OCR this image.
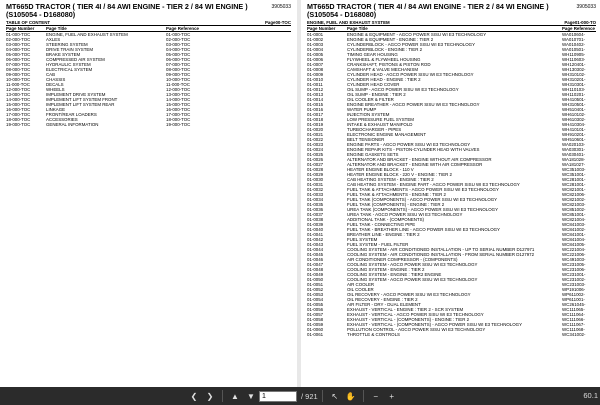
MT665D TRACTOR ( TIER 4I / 84 AWI ENGINE - TIER 2 / 84 WI ENGINE ) (S105054 - D168080)
3905033
TABLE OF CONTENT	Page00-TOC
Page Number	Page Title	Page Reference
01-000-TOC	ENGINE, FUEL AND EXHAUST SYSTEM	01-000-TOC
02-000-TOC	AXLES	02-000-TOC
03-000-TOC	STEERING SYSTEM	03-000-TOC
04-000-TOC	DRIVE TRAIN SYSTEM	04-000-TOC
05-000-TOC	BRAKE SYSTEM	05-000-TOC
06-000-TOC	COMPRESSED AIR SYSTEM	06-000-TOC
07-000-TOC	HYDRAULIC SYSTEM	07-000-TOC
08-000-TOC	ELECTRICAL SYSTEM	08-000-TOC
09-000-TOC	CAB	09-000-TOC
10-000-TOC	CHASSIS	10-000-TOC
11-000-TOC	DECALS	11-000-TOC
12-000-TOC	WHEELS	12-000-TOC
13-000-TOC	IMPLEMENT DRIVE SYSTEM	13-000-TOC
14-000-TOC	IMPLEMENT LIFT SYSTEM FRONT	14-000-TOC
15-000-TOC	IMPLEMENT LIFT SYSTEM REAR	15-000-TOC
16-000-TOC	LINKAGE	16-000-TOC
17-000-TOC	FRONT/REAR LOADERS	17-000-TOC
18-000-TOC	ACCESSORIES	18-000-TOC
19-000-TOC	GENERAL INFORMATION	19-000-TOC
MT665D TRACTOR ( TIER 4I / 84 AWI ENGINE - TIER 2 / 84 WI ENGINE ) (S105054 - D168080)
3905033
ENGINE, FUEL AND EXHAUST SYSTEM	Page01-000-TO
Page Number	Page Title	Page Reference
01-0001	ENGINE & EQUIPMENT - AGCO POWER SISU WI E3 TECHNOLOGY	WA010604-
01-0002	ENGINE & EQUIPMENT - ENGINE : TIER 2	WA010701-
01-0003	CYLINDERBLOCK - AGCO POWER SISU WI E3 TECHNOLOGY	WA010402-
01-0004	CYLINDERBLOCK - ENGINE : TIER 2	WA010501-
01-0005	TIMING GEAR HOUSING	WH110905-
01-0006	FLYWHEEL & FLYWHEEL HOUSING	WH110603-
01-0007	CRANKSHAFT, PISTONS & PISTON ROD	WH120401-
01-0008	CAMSHAFT & VALVE MECHANISM	WH130302-
01-0009	CYLINDER HEAD - AGCO POWER SISU WI E3 TECHNOLOGY	WH310102-
01-0010	CYLINDER HEAD - ENGINE : TIER 2	WH310201-
01-0011	CYLINDER HEAD COVER	WH310301-
01-0012	OIL SUMP - AGCO POWER SISU WI E3 TECHNOLOGY	WH110103-
01-0013	OIL SUMP - ENGINE : TIER 2	WH110201-
01-0014	OIL COOLER & FILTER	WH410501-
01-0015	ENGINE BREATHER - AGCO POWER SISU WI E3 TECHNOLOGY	WH310501-
01-0016	WATER PUMP	WH510401-
01-0017	INJECTION SYSTEM	WH610102-
01-0018	LOW PRESSURE FUEL SYSTEM	WH610302-
01-0019	INTAKE & EXHAUST MANIFOLD	WH410304-
01-0020	TURBOCHARGER - PIPES	WH410101-
01-0021	ELECTRONIC ENGINE MANAGEMENT	WH910201-
01-0022	BELT TENSIONER	WH510601-
01-0023	ENGINE PARTS - AGCO POWER SISU WI E3 TECHNOLOGY	WA020103-
01-0024	ENGINE REPAIR KITS - PISTON-CYLINDER HEAD WITH VALVES	WA030301-
01-0025	ENGINE GASKETS SETS	WA030401-
01-0026	ALTERNATOR AND BRACKET - ENGINE WITHOUT AIR COMPRESSOR	WA181028-
01-0027	ALTERNATOR AND BRACKET - ENGINE WITH AIR COMPRESSOR	WA181027-
01-0028	HEATER ENGINE BLOCK - 110 V	WC351003-
01-0029	HEATER ENGINE BLOCK - 220 V - ENGINE : TIER 2	WC351001-
01-0030	CAB HEATING SYSTEM - ENGINE : TIER 2	WC281001-
01-0031	CAB HEATING SYSTEM - ENGINE PART - AGCO POWER SISU WI E3 TECHNOLOGY	WC281001-
01-0032	FUEL TANK & ATTACHMENTS - AGCO POWER SISU WI E3 TECHNOLOGY	WC821001-
01-0033	FUEL TANK & ATTACHMENTS - ENGINE : TIER 2	WC821006-
01-0034	FUEL TANK (COMPONENTS) - AGCO POWER SISU WI E3 TECHNOLOGY	WC821002-
01-0035	FUEL TANK (COMPONENTS) - ENGINE : TIER 2	WC821003-
01-0036	UREA TANK (COMPONENTS) - AGCO POWER SISU WI E3 TECHNOLOGY	WC851002-
01-0037	UREA TANK - AGCO POWER SISU WI E3 TECHNOLOGY	WC851001-
01-0038	ADDITIONAL TANK - (COMPONENTS)	WC821004-
01-0039	FUEL TANK - CONNECTING PIPE	WC841003-
01-0040	FUEL TANK - BREATHER LINE - AGCO POWER SISU WI E3 TECHNOLOGY	WC841002-
01-0041	BREATHER LINE - ENGINE : TIER 2	WC841001-
01-0042	FUEL SYSTEM	WC841004-
01-0043	FUEL SYSTEM - FUEL FILTER	WC841005-
01-0044	COOLING SYSTEM - AIR CONDITIONED INSTALLATION - UP TO SERIAL NUMBER D127971	WC221004-
01-0045	COOLING SYSTEM - AIR CONDITIONED INSTALLATION - FROM SERIAL NUMBER D127972	WC221006-
01-0046	AIR CONDITIONER COMPRESSOR - (COMPONENTS)	WC491003-
01-0047	COOLING SYSTEM - AGCO POWER SISU WI E3 TECHNOLOGY	WC231005-
01-0048	COOLING SYSTEM - ENGINE : TIER 2	WC231006-
01-0049	COOLING SYSTEM - ENGINE : TIER2 ENGINE	WC231001-
01-0050	COOLING SYSTEM - AGCO POWER SISU WI E3 TECHNOLOGY	WC231002-
01-0051	AIR COOLER	WC231003-
01-0052	OIL COOLER	WP191006-
01-0053	OIL RECOVERY - AGCO POWER SISU WI E3 TECHNOLOGY	WP611002-
01-0054	OIL RECOVERY - ENGINE : TIER 2	WP611001-
01-0055	AIR FILTER - DRY - DUAL ELEMENT	WC261045-
01-0056	EXHAUST - VERTICAL - ENGINE : TIER 2 - SCR SYSTEM	WC111065-
01-0057	EXHAUST - VERTICAL - AGCO POWER SISU WI E3 TECHNOLOGY	WC111064-
01-0058	EXHAUST - VERTICAL - (COMPONENTS) - ENGINE : TIER 2	WC111066-
01-0059	EXHAUST - VERTICAL - (COMPONENTS) - AGCO POWER SISU WI E3 TECHNOLOGY	WC111067-
01-0060	POLLUTION CONTROL - AGCO POWER SISU WI E3 TECHNOLOGY	WC111068-
01-0061	THROTTLE & CONTROLS	WC341002-
❮	❯	▲	▼
1	/ 921	↖ ✋	−	+	60.1
